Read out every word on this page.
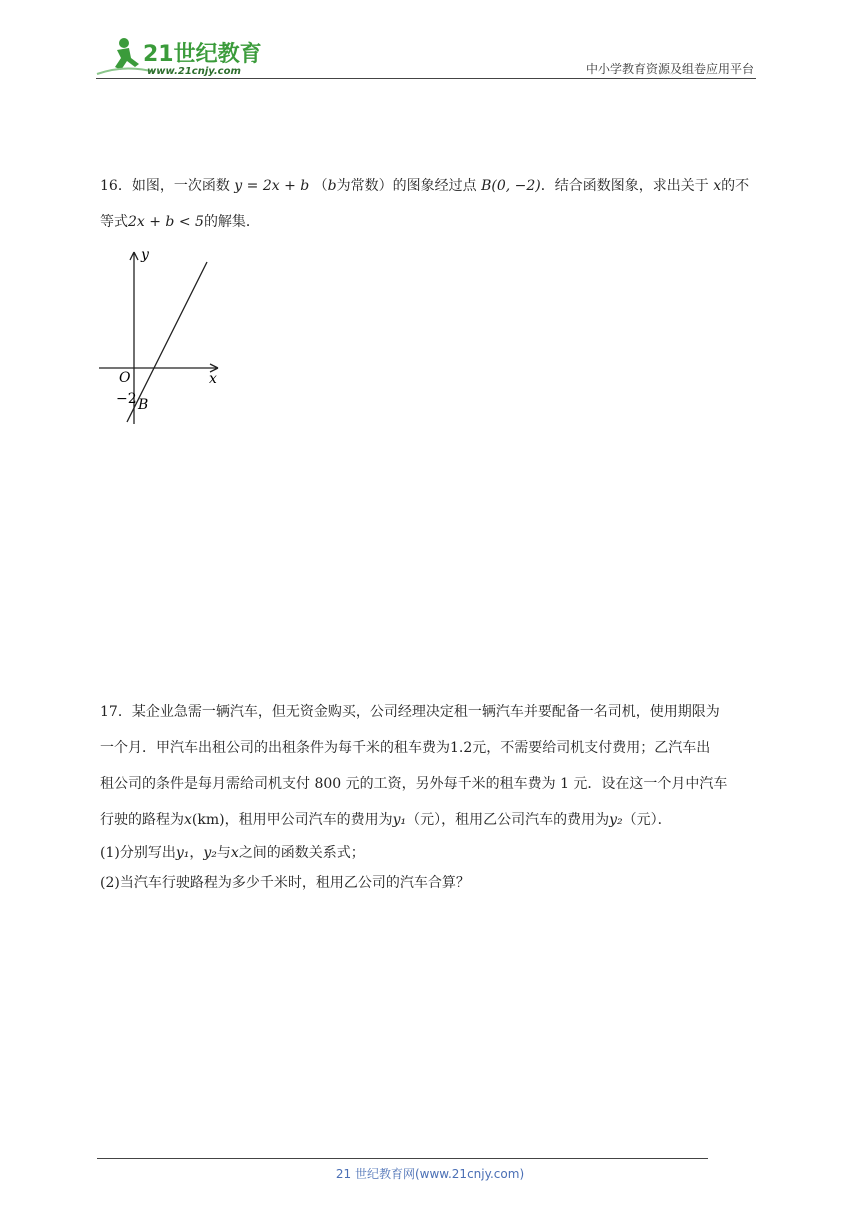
21世纪教育
www.21cnjy.com	中小学教育资源及组卷应用平台

16．如图，一次函数 y = 2x + b （b为常数）的图象经过点 B(0, −2)．结合函数图象，求出关于 x的不

等式2x + b < 5的解集．

y
x
O
−2 B

17．某企业急需一辆汽车，但无资金购买，公司经理决定租一辆汽车并要配备一名司机，使用期限为

一个月．甲汽车出租公司的出租条件为每千米的租车费为1.2元，不需要给司机支付费用；乙汽车出

租公司的条件是每月需给司机支付 800 元的工资，另外每千米的租车费为 1 元．设在这一个月中汽车

行驶的路程为x(km)，租用甲公司汽车的费用为y₁（元），租用乙公司汽车的费用为y₂（元）．

(1)分别写出y₁，y₂与x之间的函数关系式；

(2)当汽车行驶路程为多少千米时，租用乙公司的汽车合算？

21 世纪教育网(www.21cnjy.com)
